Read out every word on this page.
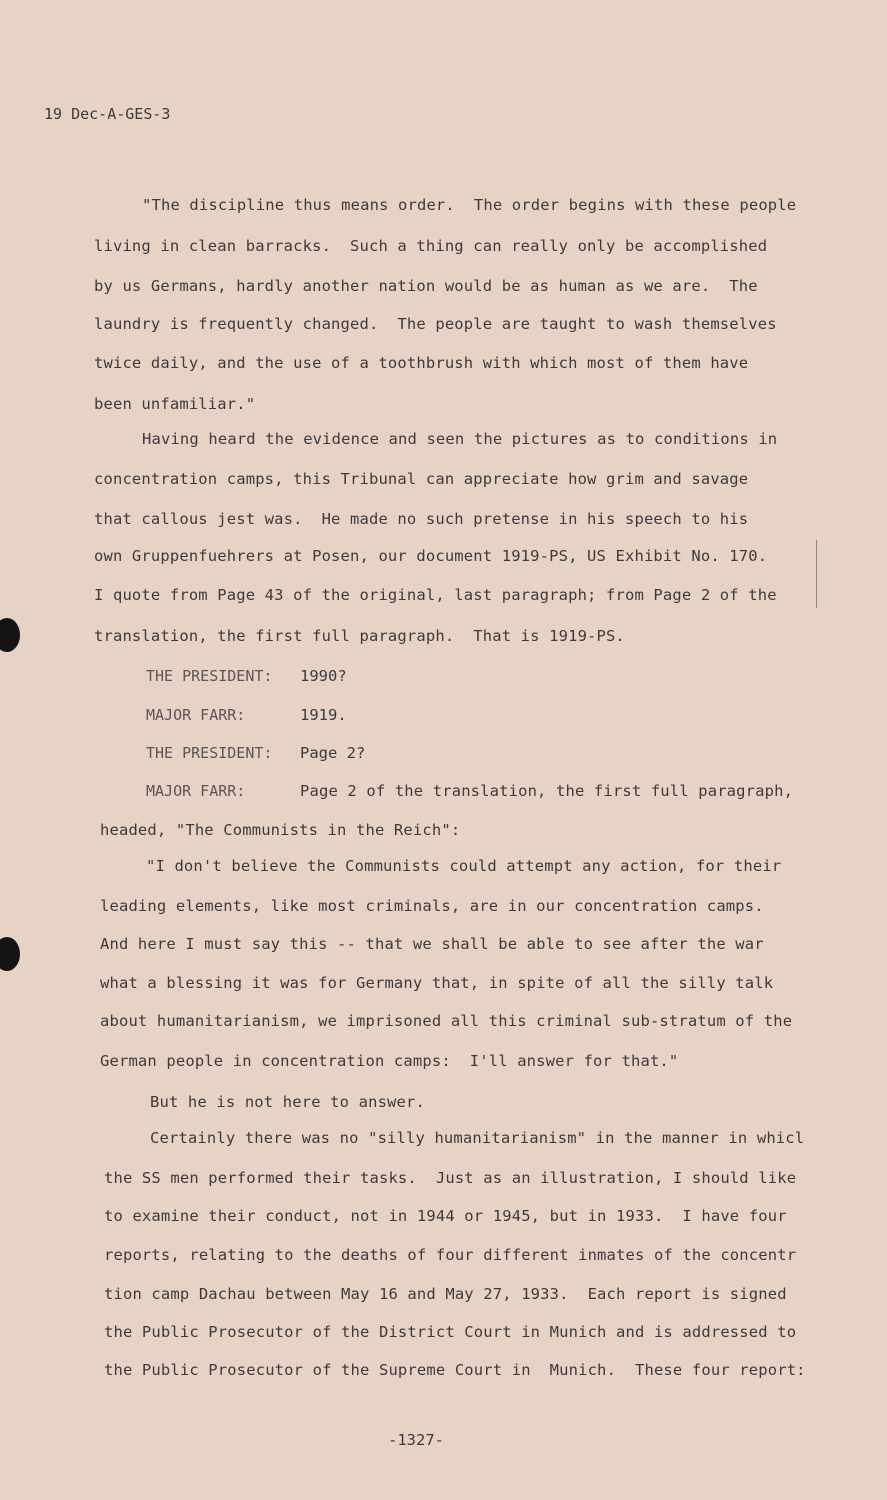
19 Dec-A-GES-3
"The discipline thus means order.  The order begins with these people
living in clean barracks.  Such a thing can really only be accomplished
by us Germans, hardly another nation would be as human as we are.  The
laundry is frequently changed.  The people are taught to wash themselves
twice daily, and the use of a toothbrush with which most of them have
been unfamiliar."
Having heard the evidence and seen the pictures as to conditions in
concentration camps, this Tribunal can appreciate how grim and savage
that callous jest was.  He made no such pretense in his speech to his
own Gruppenfuehrers at Posen, our document 1919-PS, US Exhibit No. 170.
I quote from Page 43 of the original, last paragraph; from Page 2 of the
translation, the first full paragraph.  That is 1919-PS.
THE PRESIDENT: 1990?
MAJOR FARR:	1919.
THE PRESIDENT: Page 2?
MAJOR FARR:	Page 2 of the translation, the first full paragraph,
headed, "The Communists in the Reich":
"I don't believe the Communists could attempt any action, for their
leading elements, like most criminals, are in our concentration camps.
And here I must say this -- that we shall be able to see after the war
what a blessing it was for Germany that, in spite of all the silly talk
about humanitarianism, we imprisoned all this criminal sub-stratum of the
German people in concentration camps:  I'll answer for that."
But he is not here to answer.
Certainly there was no "silly humanitarianism" in the manner in whicl
the SS men performed their tasks.  Just as an illustration, I should like
to examine their conduct, not in 1944 or 1945, but in 1933.  I have four
reports, relating to the deaths of four different inmates of the concentr
tion camp Dachau between May 16 and May 27, 1933.  Each report is signed
the Public Prosecutor of the District Court in Munich and is addressed to
the Public Prosecutor of the Supreme Court in  Munich.  These four report:
-1327-
